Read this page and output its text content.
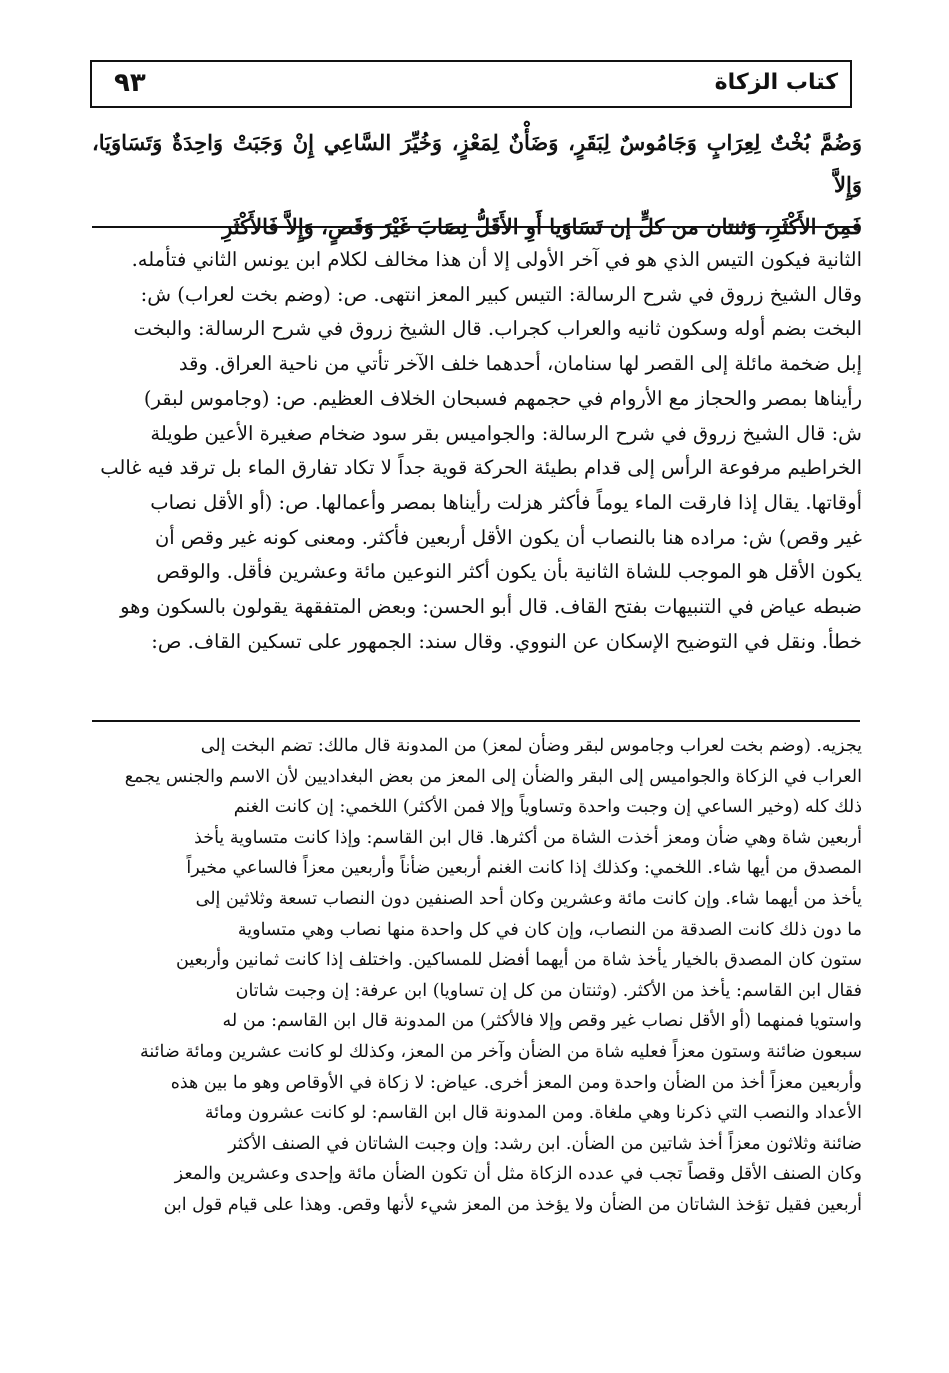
كتاب الزكاة
٩٣

وَضُمَّ بُخْتٌ لِعِرَابٍ وَجَامُوسٌ لِبَقَرٍ، وَضَأْنٌ لِمَعْزٍ، وَخُيِّرَ السَّاعِي إِنْ وَجَبَتْ وَاحِدَةٌ وَتَسَاوَيَا، وَإِلاَّ

فَمِنَ الأَكْثَرِ، وَثنتان من كلٍّ إن تَسَاوَيا أَوِ الأَقَلُّ نِصَابَ غَيْرَ وَقَصٍ، وَإِلاَّ فَالأَكْثَرِ

الثانية فيكون التيس الذي هو في آخر الأولى إلا أن هذا مخالف لكلام ابن يونس الثاني فتأمله.

وقال الشيخ زروق في شرح الرسالة: التيس كبير المعز انتهى. ص: (وضم بخت لعراب) ش:

البخت بضم أوله وسكون ثانيه والعراب كجراب. قال الشيخ زروق في شرح الرسالة: والبخت

إبل ضخمة مائلة إلى القصر لها سنامان، أحدهما خلف الآخر تأتي من ناحية العراق. وقد

رأيناها بمصر والحجاز مع الأروام في حجمهم فسبحان الخلاف العظيم. ص: (وجاموس لبقر)

ش: قال الشيخ زروق في شرح الرسالة: والجواميس بقر سود ضخام صغيرة الأعين طويلة

الخراطيم مرفوعة الرأس إلى قدام بطيئة الحركة قوية جداً لا تكاد تفارق الماء بل ترقد فيه غالب

أوقاتها. يقال إذا فارقت الماء يوماً فأكثر هزلت رأيناها بمصر وأعمالها. ص: (أو الأقل نصاب

غير وقص) ش: مراده هنا بالنصاب أن يكون الأقل أربعين فأكثر. ومعنى كونه غير وقص أن

يكون الأقل هو الموجب للشاة الثانية بأن يكون أكثر النوعين مائة وعشرين فأقل. والوقص

ضبطه عياض في التنبيهات بفتح القاف. قال أبو الحسن: وبعض المتفقهة يقولون بالسكون وهو

خطأ. ونقل في التوضيح الإسكان عن النووي. وقال سند: الجمهور على تسكين القاف. ص:

يجزيه. (وضم بخت لعراب وجاموس لبقر وضأن لمعز) من المدونة قال مالك: تضم البخت إلى

العراب في الزكاة والجواميس إلى البقر والضأن إلى المعز من بعض البغداديين لأن الاسم والجنس يجمع

ذلك كله (وخير الساعي إن وجبت واحدة وتساوياً وإلا فمن الأكثر) اللخمي: إن كانت الغنم

أربعين شاة وهي ضأن ومعز أخذت الشاة من أكثرها. قال ابن القاسم: وإذا كانت متساوية يأخذ

المصدق من أيها شاء. اللخمي: وكذلك إذا كانت الغنم أربعين ضأناً وأربعين معزاً فالساعي مخيراً

يأخذ من أيهما شاء. وإن كانت مائة وعشرين وكان أحد الصنفين دون النصاب تسعة وثلاثين إلى

ما دون ذلك كانت الصدقة من النصاب، وإن كان في كل واحدة منها نصاب وهي متساوية

ستون كان المصدق بالخيار يأخذ شاة من أيهما أفضل للمساكين. واختلف إذا كانت ثمانين وأربعين

فقال ابن القاسم: يأخذ من الأكثر. (وثنتان من كل إن تساويا) ابن عرفة: إن وجبت شاتان

واستويا فمنهما (أو الأقل نصاب غير وقص وإلا فالأكثر) من المدونة قال ابن القاسم: من له

سبعون ضائنة وستون معزاً فعليه شاة من الضأن وآخر من المعز، وكذلك لو كانت عشرين ومائة ضائنة

وأربعين معزاً أخذ من الضأن واحدة ومن المعز أخرى. عياض: لا زكاة في الأوقاص وهو ما بين هذه

الأعداد والنصب التي ذكرنا وهي ملغاة. ومن المدونة قال ابن القاسم: لو كانت عشرون ومائة

ضائنة وثلاثون معزاً أخذ شاتين من الضأن. ابن رشد: وإن وجبت الشاتان في الصنف الأكثر

وكان الصنف الأقل وقصاً تجب في عدده الزكاة مثل أن تكون الضأن مائة وإحدى وعشرين والمعز

أربعين فقيل تؤخذ الشاتان من الضأن ولا يؤخذ من المعز شيء لأنها وقص. وهذا على قيام قول ابن
